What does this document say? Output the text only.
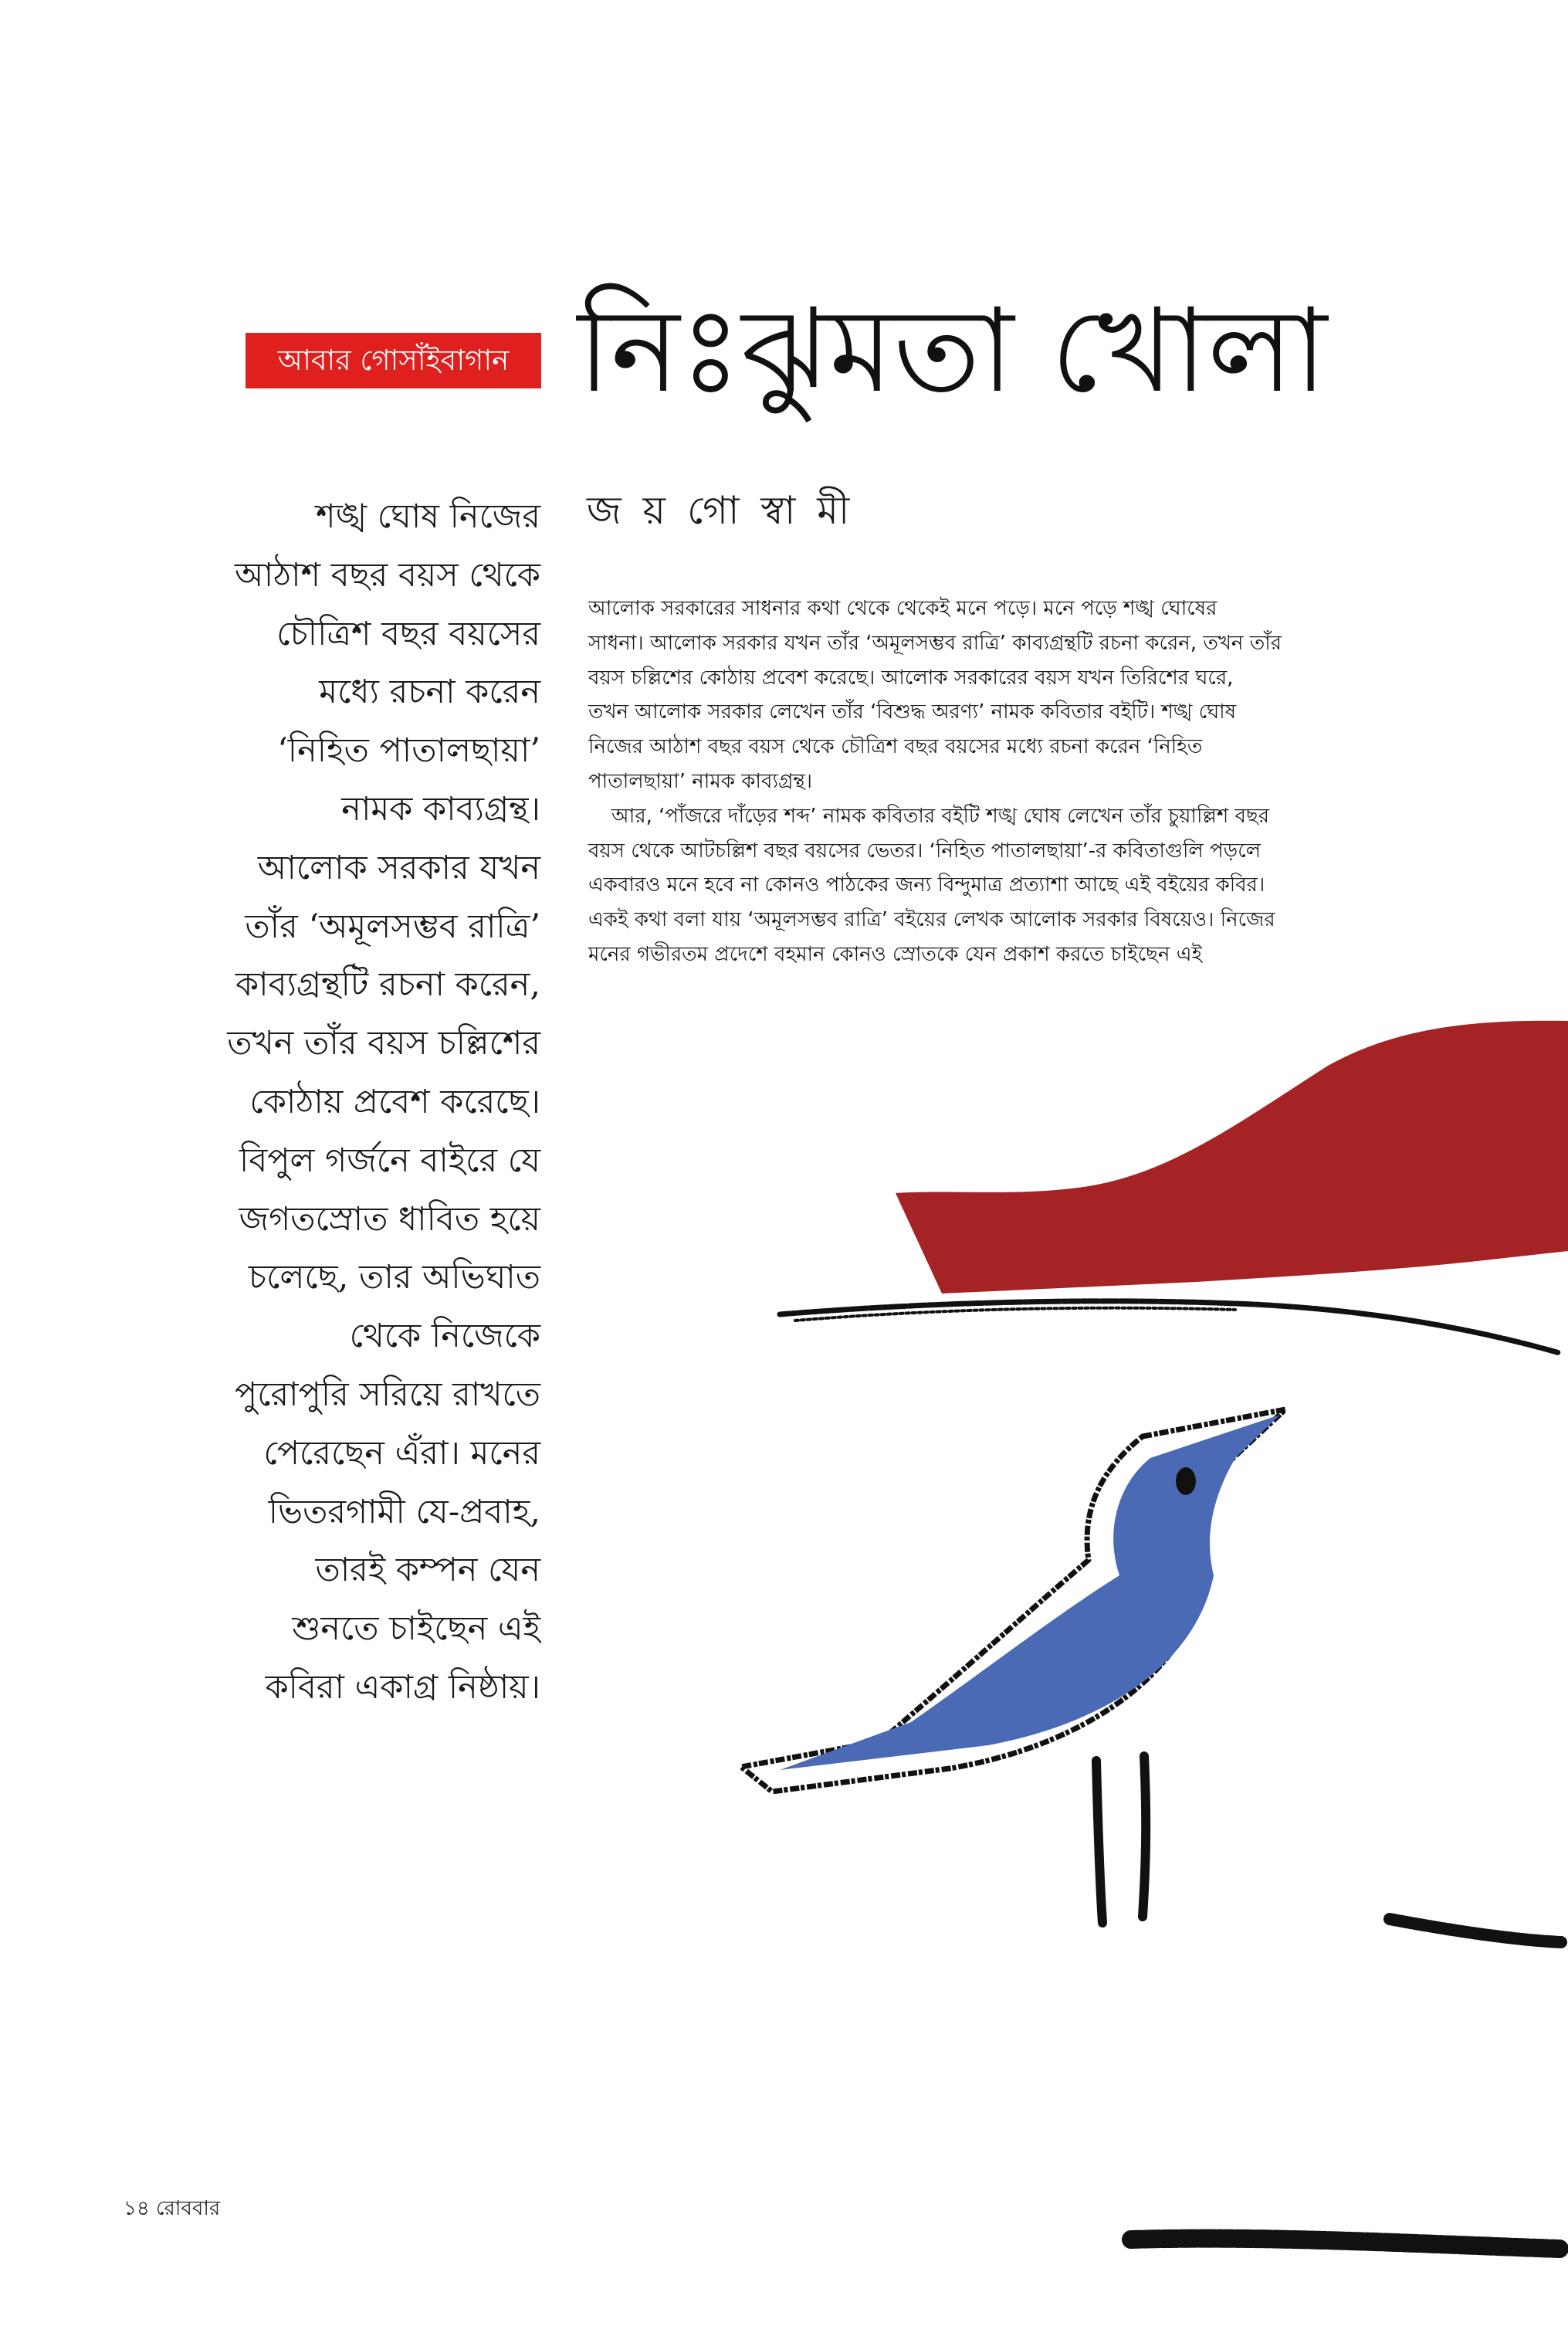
আবার গোসাঁইবাগান নিঃঝুমতা খোলা
জ য় গো স্বা মী
শঙ্খ ঘোষ নিজের
আঠাশ বছর বয়স থেকে
চৌত্রিশ বছর বয়সের
মধ্যে রচনা করেন
‘নিহিত পাতালছায়া’
নামক কাব্যগ্রন্থ।
আলোক সরকার যখন
তাঁর ‘অমূলসম্ভব রাত্রি’
কাব্যগ্রন্থটি রচনা করেন,
তখন তাঁর বয়স চল্লিশের
কোঠায় প্রবেশ করেছে।
বিপুল গর্জনে বাইরে যে
জগতস্রোত ধাবিত হয়ে
চলেছে, তার অভিঘাত
থেকে নিজেকে
পুরোপুরি সরিয়ে রাখতে
পেরেছেন এঁরা। মনের
ভিতরগামী যে-প্রবাহ,
তারই কম্পন যেন
শুনতে চাইছেন এই
কবিরা একাগ্র নিষ্ঠায়।
আলোক সরকারের সাধনার কথা থেকে থেকেই মনে পড়ে। মনে পড়ে শঙ্খ ঘোষের
সাধনা। আলোক সরকার যখন তাঁর ‘অমূলসম্ভব রাত্রি’ কাব্যগ্রন্থটি রচনা করেন, তখন তাঁর
বয়স চল্লিশের কোঠায় প্রবেশ করেছে। আলোক সরকারের বয়স যখন তিরিশের ঘরে,
তখন আলোক সরকার লেখেন তাঁর ‘বিশুদ্ধ অরণ্য’ নামক কবিতার বইটি। শঙ্খ ঘোষ
নিজের আঠাশ বছর বয়স থেকে চৌত্রিশ বছর বয়সের মধ্যে রচনা করেন ‘নিহিত
পাতালছায়া’ নামক কাব্যগ্রন্থ।
আর, ‘পাঁজরে দাঁড়ের শব্দ’ নামক কবিতার বইটি শঙ্খ ঘোষ লেখেন তাঁর চুয়াল্লিশ বছর
বয়স থেকে আটচল্লিশ বছর বয়সের ভেতর। ‘নিহিত পাতালছায়া’-র কবিতাগুলি পড়লে
একবারও মনে হবে না কোনও পাঠকের জন্য বিন্দুমাত্র প্রত্যাশা আছে এই বইয়ের কবির।
একই কথা বলা যায় ‘অমূলসম্ভব রাত্রি’ বইয়ের লেখক আলোক সরকার বিষয়েও। নিজের
মনের গভীরতম প্রদেশে বহমান কোনও স্রোতকে যেন প্রকাশ করতে চাইছেন এই
১৪ রোববার
